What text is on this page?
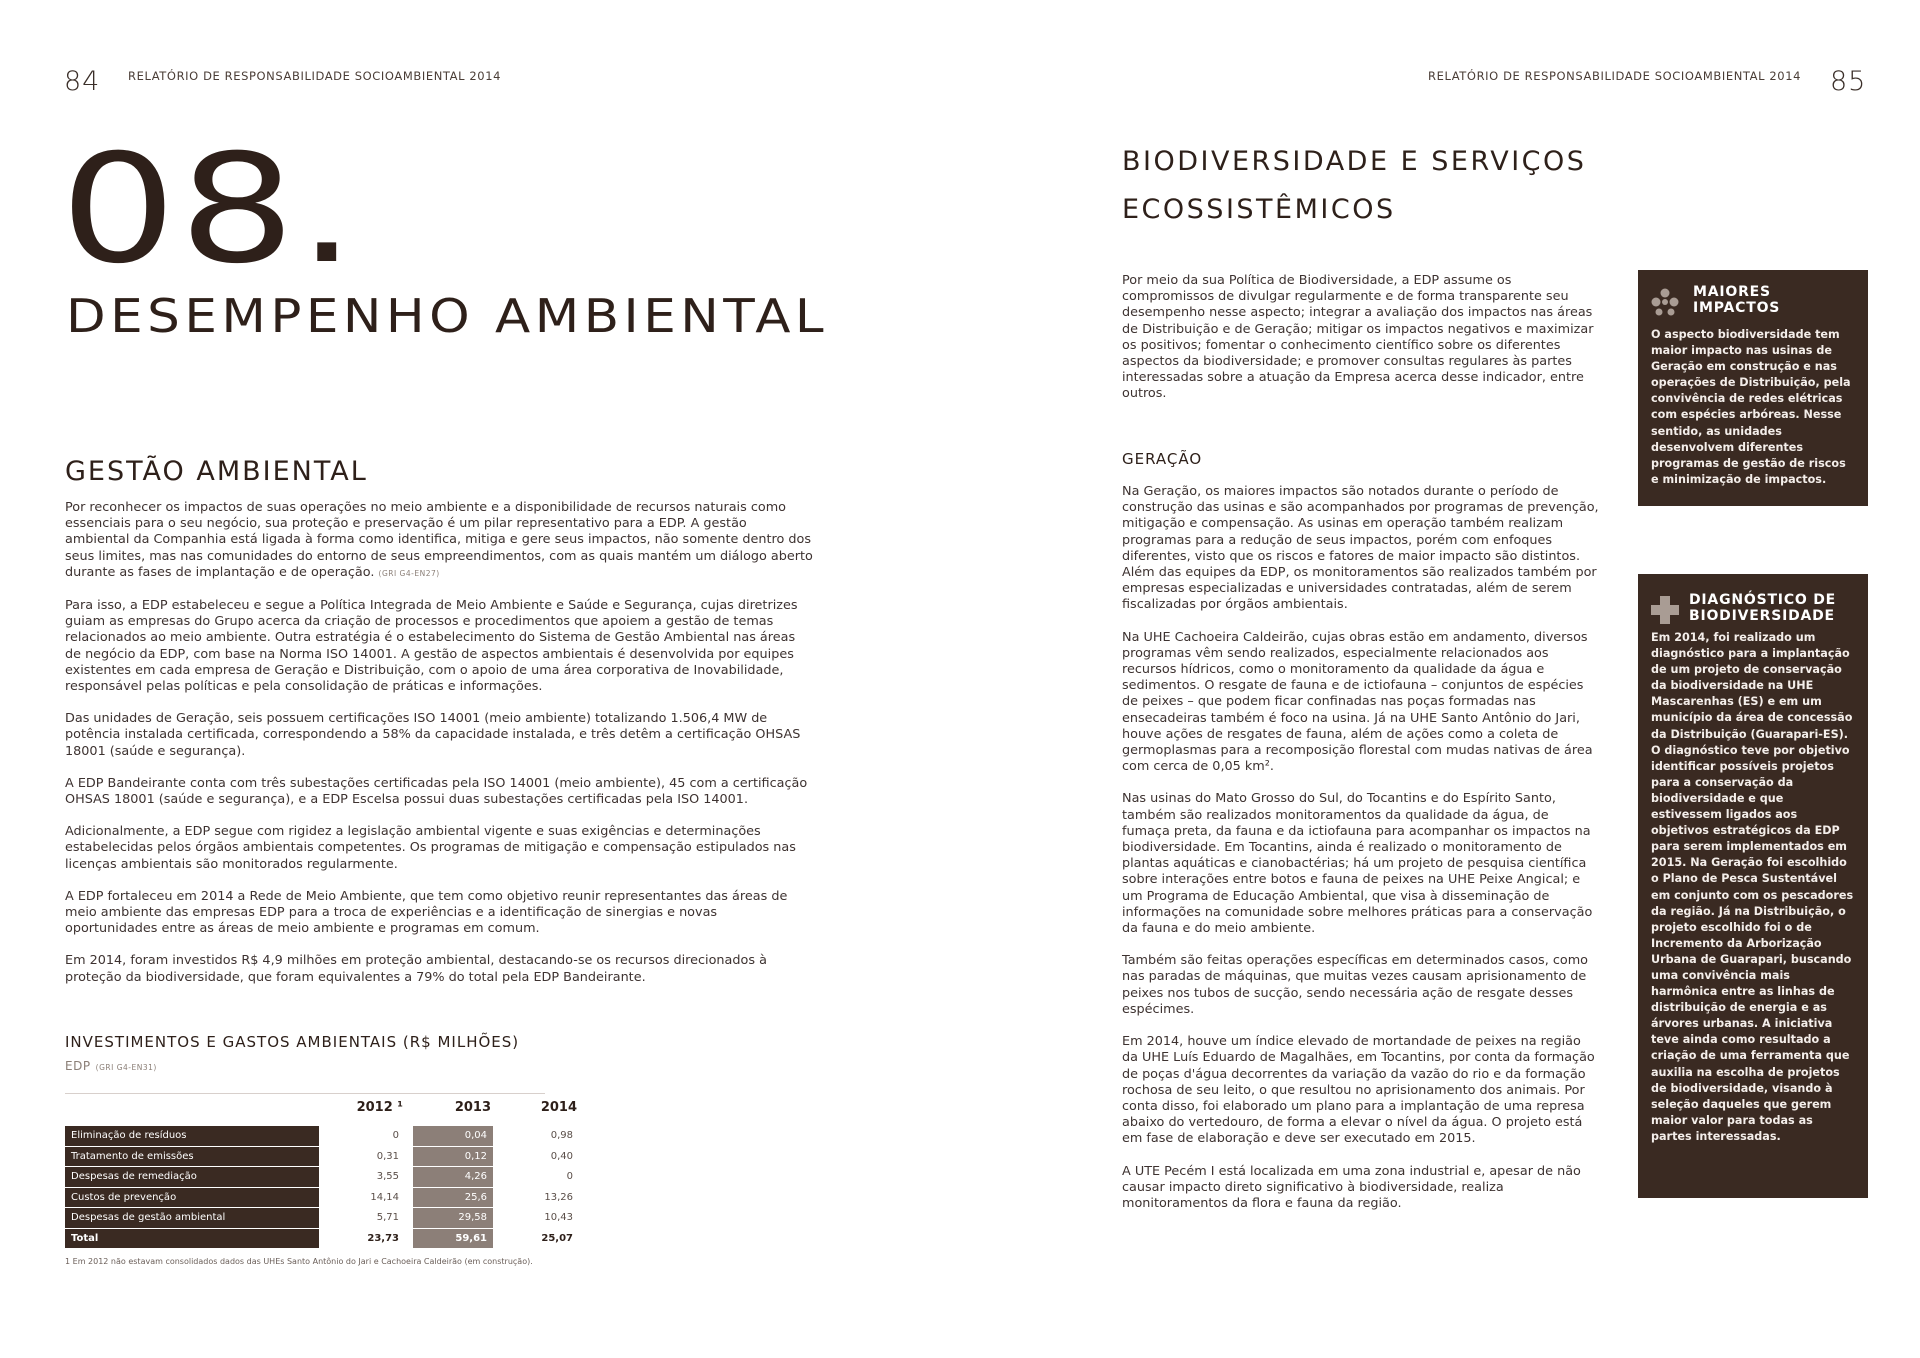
84 RELATÓRIO DE RESPONSABILIDADE SOCIOAMBIENTAL 2014
08.
DESEMPENHO AMBIENTAL
GESTÃO AMBIENTAL

Por reconhecer os impactos de suas operações no meio ambiente e a disponibilidade de recursos naturais como essenciais para o seu negócio, sua proteção e preservação é um pilar representativo para a EDP. A gestão ambiental da Companhia está ligada à forma como identifica, mitiga e gere seus impactos, não somente dentro dos seus limites, mas nas comunidades do entorno de seus empreendimentos, com as quais mantém um diálogo aberto durante as fases de implantação e de operação. (GRI G4-EN27)

Para isso, a EDP estabeleceu e segue a Política Integrada de Meio Ambiente e Saúde e Segurança, cujas diretrizes guiam as empresas do Grupo acerca da criação de processos e procedimentos que apoiem a gestão de temas relacionados ao meio ambiente. Outra estratégia é o estabelecimento do Sistema de Gestão Ambiental nas áreas de negócio da EDP, com base na Norma ISO 14001. A gestão de aspectos ambientais é desenvolvida por equipes existentes em cada empresa de Geração e Distribuição, com o apoio de uma área corporativa de Inovabilidade, responsável pelas políticas e pela consolidação de práticas e informações.

Das unidades de Geração, seis possuem certificações ISO 14001 (meio ambiente) totalizando 1.506,4 MW de potência instalada certificada, correspondendo a 58% da capacidade instalada, e três detêm a certificação OHSAS 18001 (saúde e segurança).

A EDP Bandeirante conta com três subestações certificadas pela ISO 14001 (meio ambiente), 45 com a certificação OHSAS 18001 (saúde e segurança), e a EDP Escelsa possui duas subestações certificadas pela ISO 14001.

Adicionalmente, a EDP segue com rigidez a legislação ambiental vigente e suas exigências e determinações estabelecidas pelos órgãos ambientais competentes. Os programas de mitigação e compensação estipulados nas licenças ambientais são monitorados regularmente.

A EDP fortaleceu em 2014 a Rede de Meio Ambiente, que tem como objetivo reunir representantes das áreas de meio ambiente das empresas EDP para a troca de experiências e a identificação de sinergias e novas oportunidades entre as áreas de meio ambiente e programas em comum.

Em 2014, foram investidos R$ 4,9 milhões em proteção ambiental, destacando-se os recursos direcionados à proteção da biodiversidade, que foram equivalentes a 79% do total pela EDP Bandeirante.

INVESTIMENTOS E GASTOS AMBIENTAIS (R$ MILHÕES)
EDP (GRI G4-EN31)
		2012 ¹		2013		2014

Eliminação de resíduos		0		0,04		0,98
Tratamento de emissões		0,31		0,12		0,40
Despesas de remediação		3,55		4,26		0
Custos de prevenção		14,14		25,6		13,26
Despesas de gestão ambiental		5,71		29,58		10,43
Total		23,73		59,61		25,07
1 Em 2012 não estavam consolidados dados das UHEs Santo Antônio do Jari e Cachoeira Caldeirão (em construção).
RELATÓRIO DE RESPONSABILIDADE SOCIOAMBIENTAL 2014 85
BIODIVERSIDADE E SERVIÇOS
ECOSSISTÊMICOS

Por meio da sua Política de Biodiversidade, a EDP assume os compromissos de divulgar regularmente e de forma transparente seu desempenho nesse aspecto; integrar a avaliação dos impactos nas áreas de Distribuição e de Geração; mitigar os impactos negativos e maximizar os positivos; fomentar o conhecimento científico sobre os diferentes aspectos da biodiversidade; e promover consultas regulares às partes interessadas sobre a atuação da Empresa acerca desse indicador, entre outros.

GERAÇÃO

Na Geração, os maiores impactos são notados durante o período de construção das usinas e são acompanhados por programas de prevenção, mitigação e compensação. As usinas em operação também realizam programas para a redução de seus impactos, porém com enfoques diferentes, visto que os riscos e fatores de maior impacto são distintos. Além das equipes da EDP, os monitoramentos são realizados também por empresas especializadas e universidades contratadas, além de serem fiscalizadas por órgãos ambientais.

Na UHE Cachoeira Caldeirão, cujas obras estão em andamento, diversos programas vêm sendo realizados, especialmente relacionados aos recursos hídricos, como o monitoramento da qualidade da água e sedimentos. O resgate de fauna e de ictiofauna – conjuntos de espécies de peixes – que podem ficar confinadas nas poças formadas nas ensecadeiras também é foco na usina. Já na UHE Santo Antônio do Jari, houve ações de resgates de fauna, além de ações como a coleta de germoplasmas para a recomposição florestal com mudas nativas de área com cerca de 0,05 km².

Nas usinas do Mato Grosso do Sul, do Tocantins e do Espírito Santo, também são realizados monitoramentos da qualidade da água, de fumaça preta, da fauna e da ictiofauna para acompanhar os impactos na biodiversidade. Em Tocantins, ainda é realizado o monitoramento de plantas aquáticas e cianobactérias; há um projeto de pesquisa científica sobre interações entre botos e fauna de peixes na UHE Peixe Angical; e um Programa de Educação Ambiental, que visa à disseminação de informações na comunidade sobre melhores práticas para a conservação da fauna e do meio ambiente.

Também são feitas operações específicas em determinados casos, como nas paradas de máquinas, que muitas vezes causam aprisionamento de peixes nos tubos de sucção, sendo necessária ação de resgate desses espécimes.

Em 2014, houve um índice elevado de mortandade de peixes na região da UHE Luís Eduardo de Magalhães, em Tocantins, por conta da formação de poças d'água decorrentes da variação da vazão do rio e da formação rochosa de seu leito, o que resultou no aprisionamento dos animais. Por conta disso, foi elaborado um plano para a implantação de uma represa abaixo do vertedouro, de forma a elevar o nível da água. O projeto está em fase de elaboração e deve ser executado em 2015.

A UTE Pecém I está localizada em uma zona industrial e, apesar de não causar impacto direto significativo à biodiversidade, realiza monitoramentos da flora e fauna da região.

MAIORES
IMPACTOS

O aspecto biodiversidade tem maior impacto nas usinas de Geração em construção e nas operações de Distribuição, pela convivência de redes elétricas com espécies arbóreas. Nesse sentido, as unidades desenvolvem diferentes programas de gestão de riscos e minimização de impactos.

DIAGNÓSTICO DE
BIODIVERSIDADE

Em 2014, foi realizado um diagnóstico para a implantação de um projeto de conservação da biodiversidade na UHE Mascarenhas (ES) e em um município da área de concessão da Distribuição (Guarapari-ES). O diagnóstico teve por objetivo identificar possíveis projetos para a conservação da biodiversidade e que estivessem ligados aos objetivos estratégicos da EDP para serem implementados em 2015. Na Geração foi escolhido o Plano de Pesca Sustentável em conjunto com os pescadores da região. Já na Distribuição, o projeto escolhido foi o de Incremento da Arborização Urbana de Guarapari, buscando uma convivência mais harmônica entre as linhas de distribuição de energia e as árvores urbanas. A iniciativa teve ainda como resultado a criação de uma ferramenta que auxilia na escolha de projetos de biodiversidade, visando à seleção daqueles que gerem maior valor para todas as partes interessadas.
